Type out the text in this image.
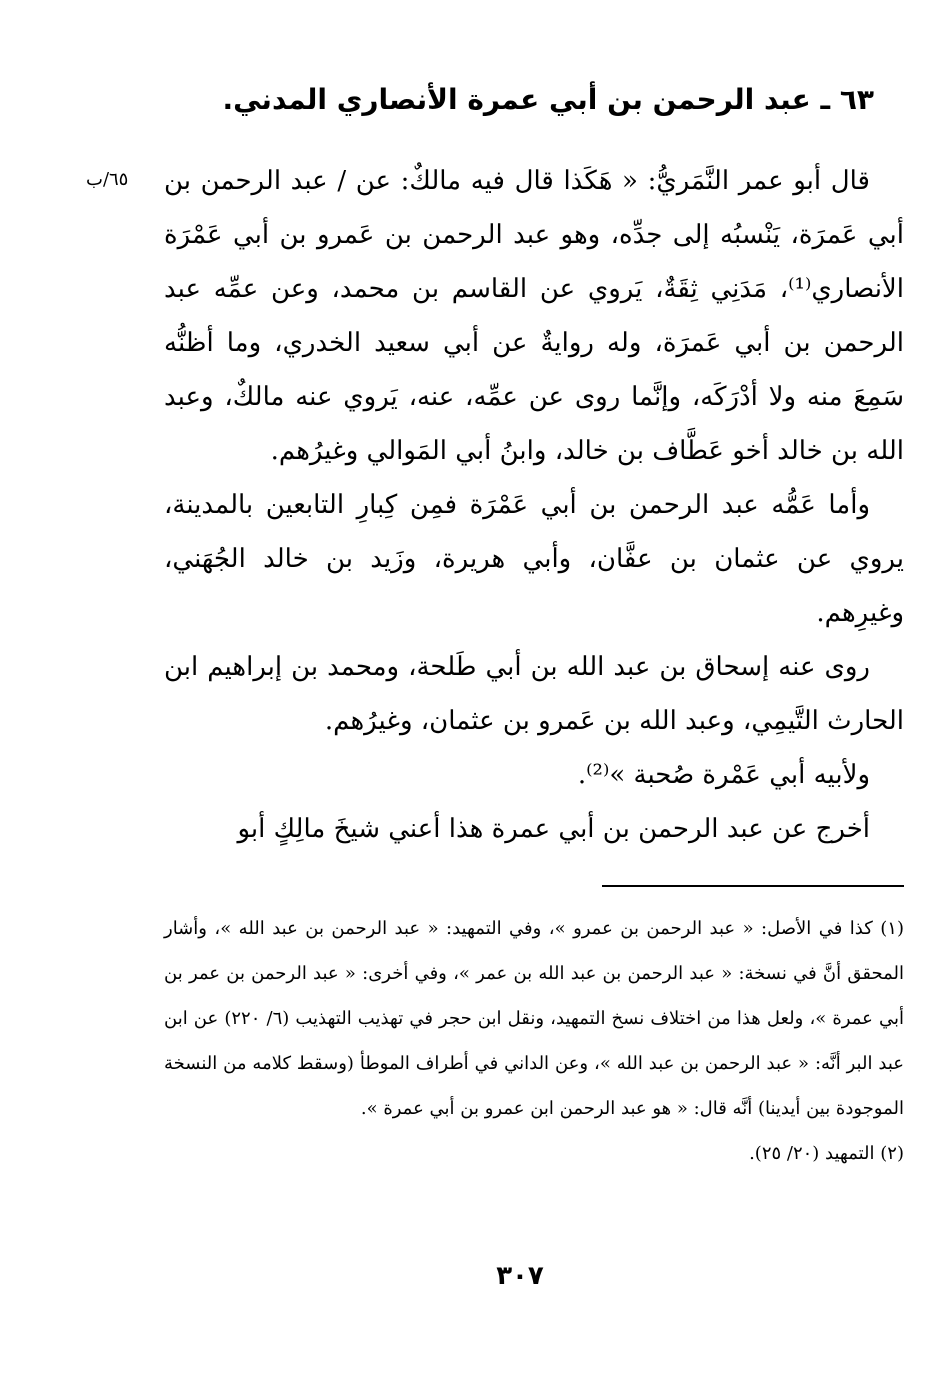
٦٣ ـ عبد الرحمن بن أبي عمرة الأنصاري المدني.
٦٥/ب	قال أبو عمر النَّمَريُّ: « هَكَذا قال فيه مالكٌ: عن / عبد الرحمن بن أبي عَمرَة، يَنْسبُه إلى جدِّه، وهو عبد الرحمن بن عَمرو بن أبي عَمْرَة الأنصاري⁽¹⁾، مَدَنِي ثِقَةٌ، يَروي عن القاسم بن محمد، وعن عمِّه عبد الرحمن بن أبي عَمرَة، وله روايةٌ عن أبي سعيد الخدري، وما أظنُّه سَمِعَ منه ولا أدْرَكَه، وإنَّما روى عن عمِّه، عنه، يَروي عنه مالكٌ، وعبد الله بن خالد أخو عَطَّاف بن خالد، وابنُ أبي المَوالي وغيرُهم.

وأما عَمُّه عبد الرحمن بن أبي عَمْرَة فمِن كِبارِ التابعين بالمدينة، يروي عن عثمان بن عفَّان، وأبي هريرة، وزَيد بن خالد الجُهَني، وغيرِهم.

روى عنه إسحاق بن عبد الله بن أبي طَلحة، ومحمد بن إبراهيم ابن الحارث التَّيمِي، وعبد الله بن عَمرو بن عثمان، وغيرُهم.

ولأبيه أبي عَمْرة صُحبة »⁽²⁾.

أخرج عن عبد الرحمن بن أبي عمرة هذا أعني شيخَ مالِكٍ أبو

(١) كذا في الأصل: « عبد الرحمن بن عمرو »، وفي التمهيد: « عبد الرحمن بن عبد الله »، وأشار المحقق أنَّ في نسخة: « عبد الرحمن بن عبد الله بن عمر »، وفي أخرى: « عبد الرحمن بن عمر بن أبي عمرة »، ولعل هذا من اختلاف نسخ التمهيد، ونقل ابن حجر في تهذيب التهذيب (٦/ ٢٢٠) عن ابن عبد البر أنَّه: « عبد الرحمن بن عبد الله »، وعن الداني في أطراف الموطأ (وسقط كلامه من النسخة الموجودة بين أيدينا) أنَّه قال: « هو عبد الرحمن ابن عمرو بن أبي عمرة ».

(٢) التمهيد (٢٠/ ٢٥).

٣٠٧
